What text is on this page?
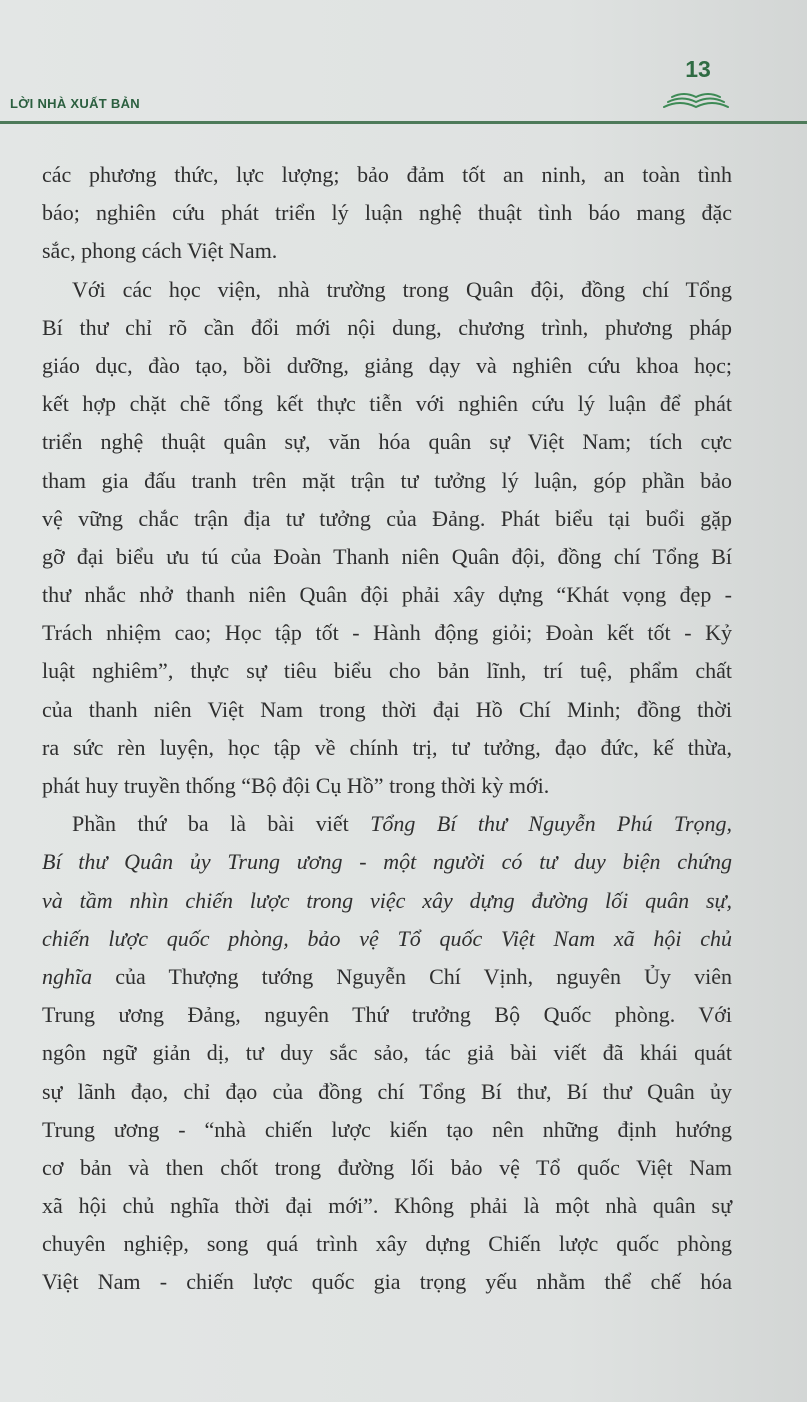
LỜI NHÀ XUẤT BẢN
13
các phương thức, lực lượng; bảo đảm tốt an ninh, an toàn tình
báo; nghiên cứu phát triển lý luận nghệ thuật tình báo mang đặc
sắc, phong cách Việt Nam.
Với các học viện, nhà trường trong Quân đội, đồng chí Tổng
Bí thư chỉ rõ cần đổi mới nội dung, chương trình, phương pháp
giáo dục, đào tạo, bồi dưỡng, giảng dạy và nghiên cứu khoa học;
kết hợp chặt chẽ tổng kết thực tiễn với nghiên cứu lý luận để phát
triển nghệ thuật quân sự, văn hóa quân sự Việt Nam; tích cực
tham gia đấu tranh trên mặt trận tư tưởng lý luận, góp phần bảo
vệ vững chắc trận địa tư tưởng của Đảng. Phát biểu tại buổi gặp
gỡ đại biểu ưu tú của Đoàn Thanh niên Quân đội, đồng chí Tổng Bí
thư nhắc nhở thanh niên Quân đội phải xây dựng “Khát vọng đẹp -
Trách nhiệm cao; Học tập tốt - Hành động giỏi; Đoàn kết tốt - Kỷ
luật nghiêm”, thực sự tiêu biểu cho bản lĩnh, trí tuệ, phẩm chất
của thanh niên Việt Nam trong thời đại Hồ Chí Minh; đồng thời
ra sức rèn luyện, học tập về chính trị, tư tưởng, đạo đức, kế thừa,
phát huy truyền thống “Bộ đội Cụ Hồ” trong thời kỳ mới.
Phần thứ ba là bài viết Tổng Bí thư Nguyễn Phú Trọng,
Bí thư Quân ủy Trung ương - một người có tư duy biện chứng
và tầm nhìn chiến lược trong việc xây dựng đường lối quân sự,
chiến lược quốc phòng, bảo vệ Tổ quốc Việt Nam xã hội chủ
nghĩa của Thượng tướng Nguyễn Chí Vịnh, nguyên Ủy viên
Trung ương Đảng, nguyên Thứ trưởng Bộ Quốc phòng. Với
ngôn ngữ giản dị, tư duy sắc sảo, tác giả bài viết đã khái quát
sự lãnh đạo, chỉ đạo của đồng chí Tổng Bí thư, Bí thư Quân ủy
Trung ương - “nhà chiến lược kiến tạo nên những định hướng
cơ bản và then chốt trong đường lối bảo vệ Tổ quốc Việt Nam
xã hội chủ nghĩa thời đại mới”. Không phải là một nhà quân sự
chuyên nghiệp, song quá trình xây dựng Chiến lược quốc phòng
Việt Nam - chiến lược quốc gia trọng yếu nhằm thể chế hóa
